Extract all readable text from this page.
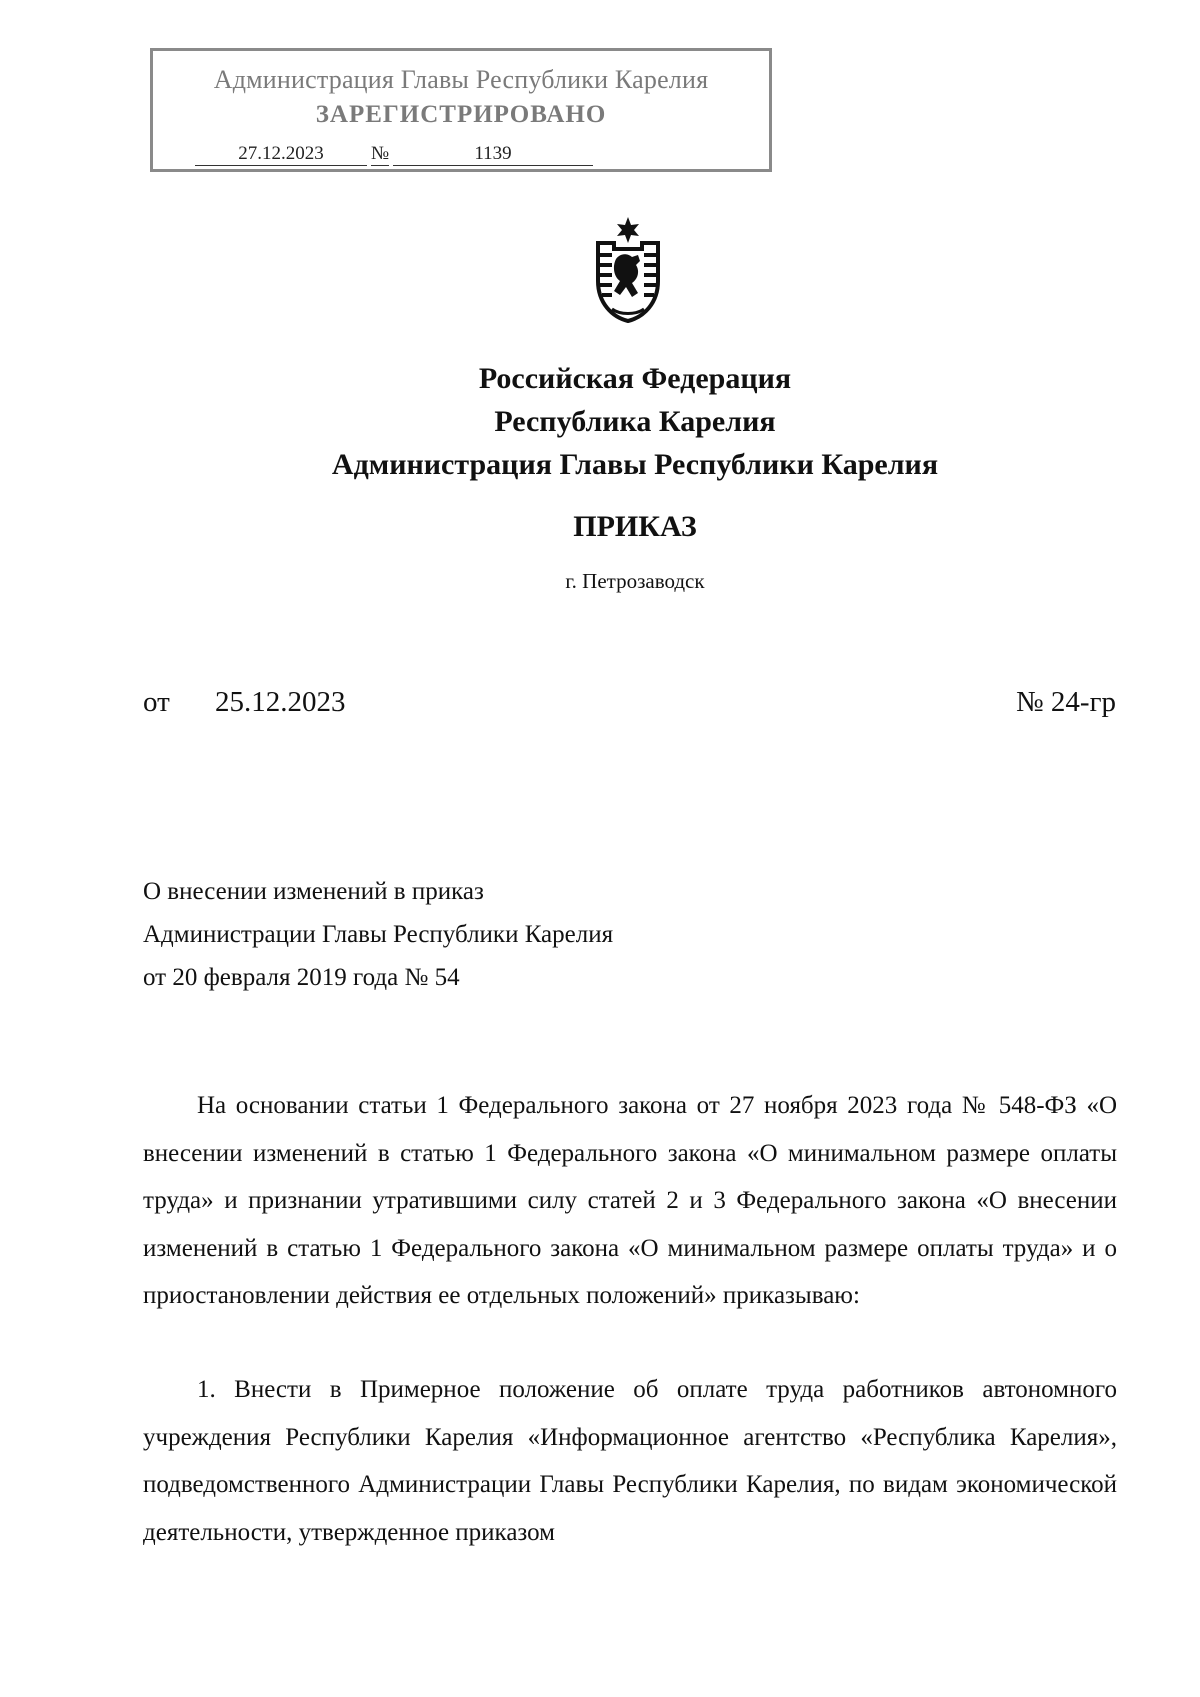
Администрация Главы Республики Карелия
ЗАРЕГИСТРИРОВАНО
27.12.2023	№	1139
Российская Федерация
Республика Карелия
Администрация Главы Республики Карелия
ПРИКАЗ
г. Петрозаводск
от 25.12.2023	№ 24-гр
О внесении изменений в приказ
Администрации Главы Республики Карелия
от 20 февраля 2019 года № 54

На основании статьи 1 Федерального закона от 27 ноября 2023 года № 548-ФЗ «О внесении изменений в статью 1 Федерального закона «О минимальном размере оплаты труда» и признании утратившими силу статей 2 и 3 Федерального закона «О внесении изменений в статью 1 Федерального закона «О минимальном размере оплаты труда» и о приостановлении действия ее отдельных положений» приказываю:

1. Внести в Примерное положение об оплате труда работников автономного учреждения Республики Карелия «Информационное агентство «Республика Карелия», подведомственного Администрации Главы Республики Карелия, по видам экономической деятельности, утвержденное приказом
